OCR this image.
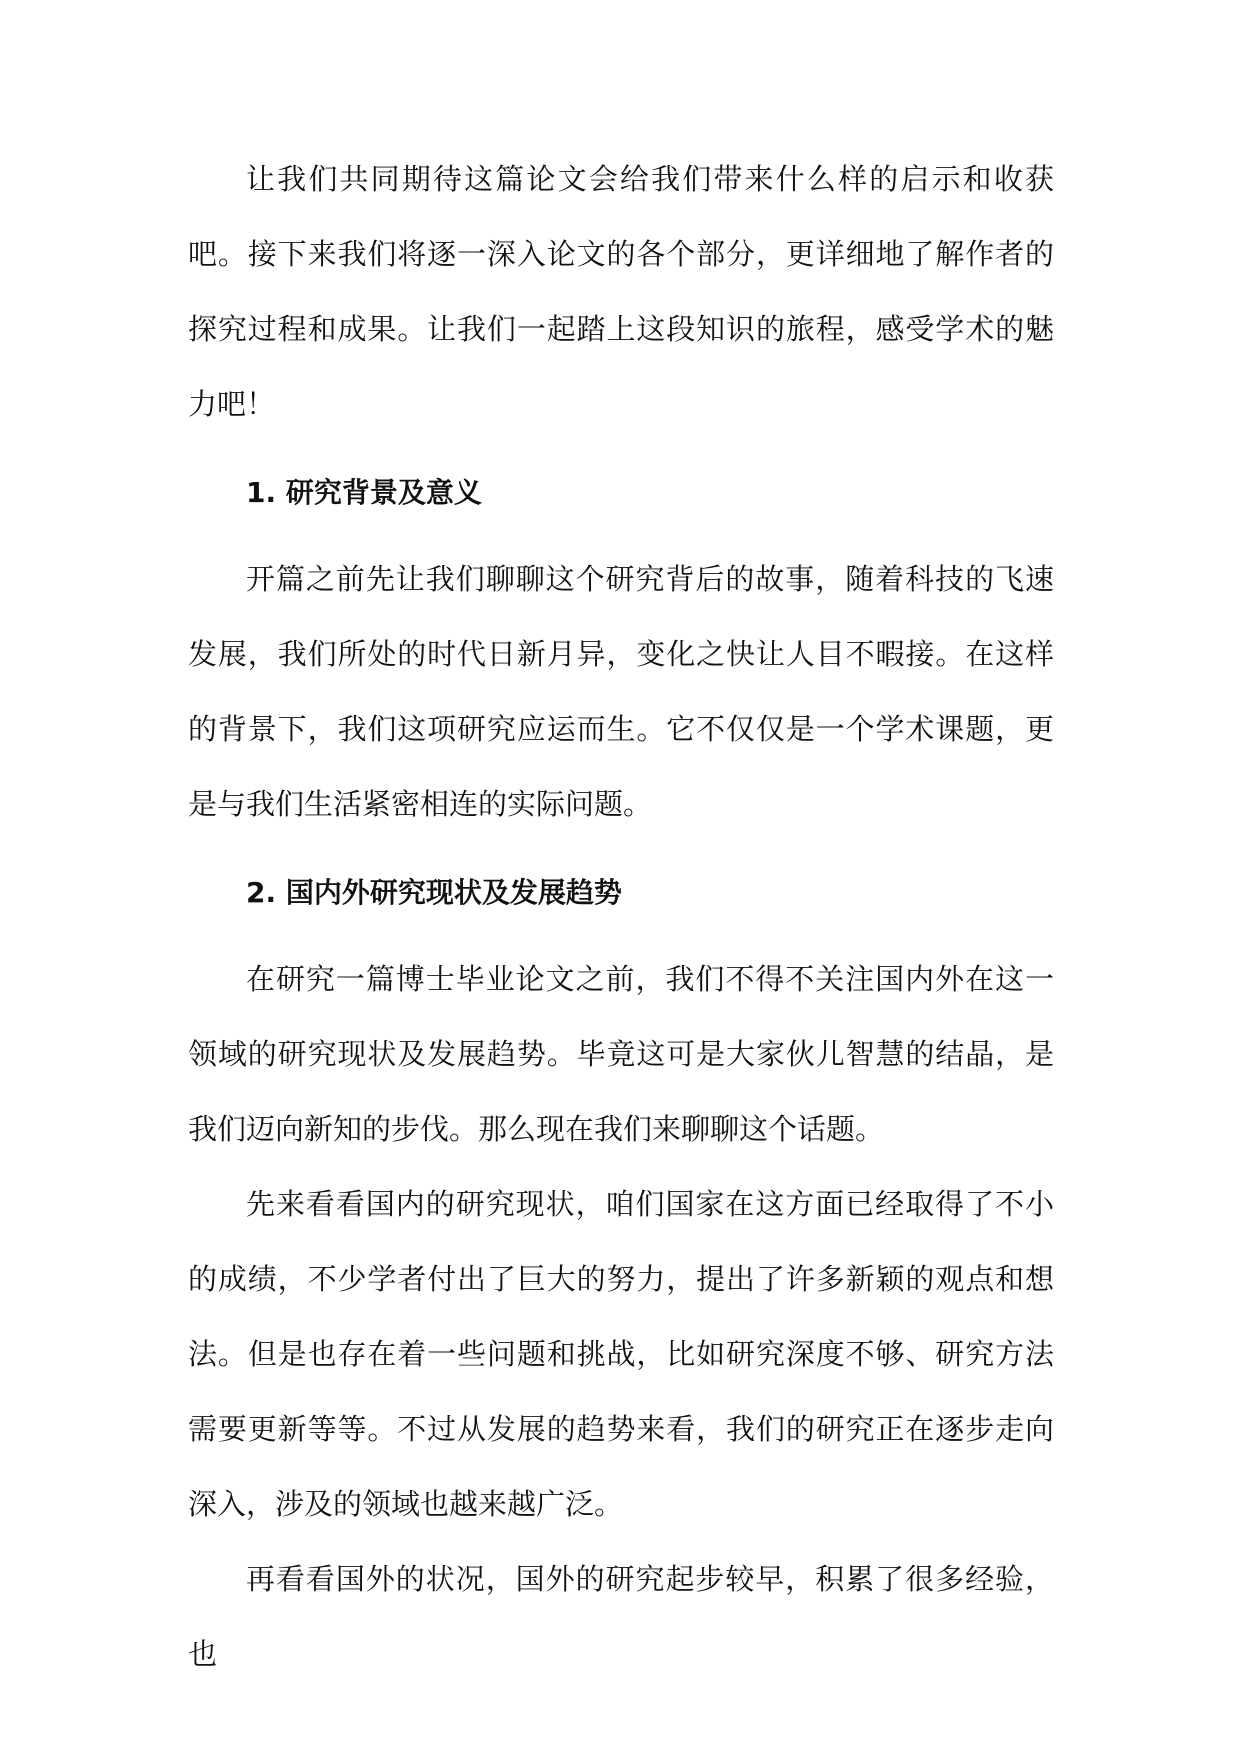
让我们共同期待这篇论文会给我们带来什么样的启示和收获吧。接下来我们将逐一深入论文的各个部分，更详细地了解作者的探究过程和成果。让我们一起踏上这段知识的旅程，感受学术的魅力吧！

1. 研究背景及意义

开篇之前先让我们聊聊这个研究背后的故事，随着科技的飞速发展，我们所处的时代日新月异，变化之快让人目不暇接。在这样的背景下，我们这项研究应运而生。它不仅仅是一个学术课题，更是与我们生活紧密相连的实际问题。

2. 国内外研究现状及发展趋势

在研究一篇博士毕业论文之前，我们不得不关注国内外在这一领域的研究现状及发展趋势。毕竟这可是大家伙儿智慧的结晶，是我们迈向新知的步伐。那么现在我们来聊聊这个话题。

先来看看国内的研究现状，咱们国家在这方面已经取得了不小的成绩，不少学者付出了巨大的努力，提出了许多新颖的观点和想法。但是也存在着一些问题和挑战，比如研究深度不够、研究方法需要更新等等。不过从发展的趋势来看，我们的研究正在逐步走向深入，涉及的领域也越来越广泛。

再看看国外的状况，国外的研究起步较早，积累了很多经验，也
